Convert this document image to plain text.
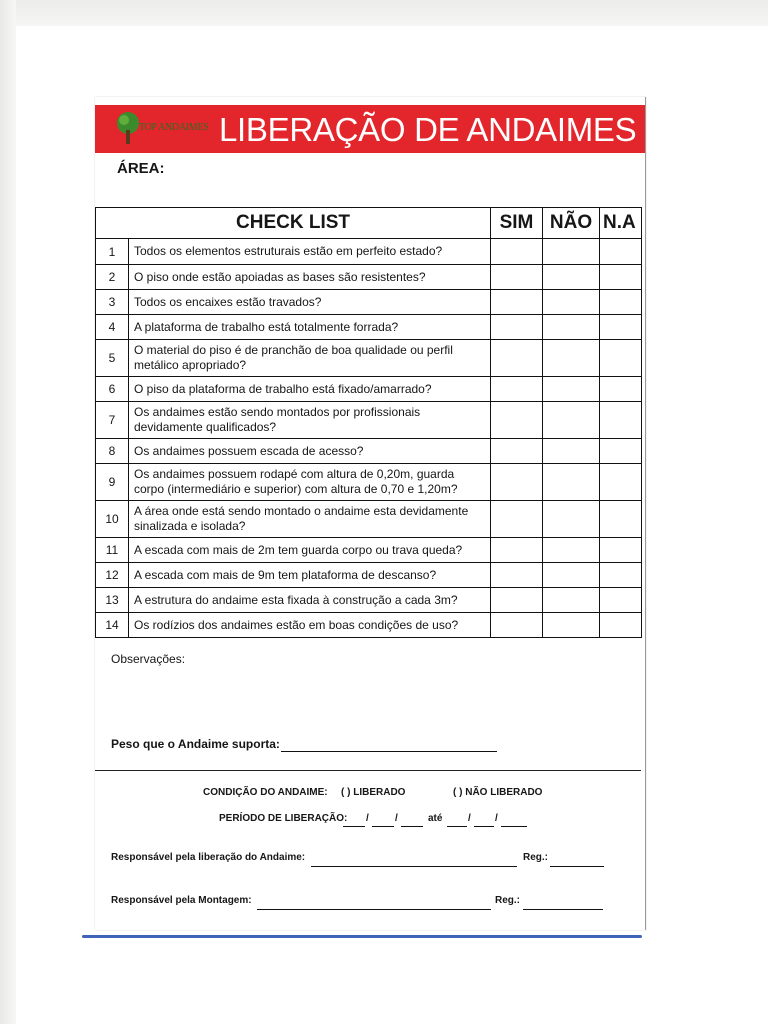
TOP ANDAIMES LIBERAÇÃO DE ANDAIMES
ÁREA:
CHECK LIST		SIM	NÃO	N.A
1	Todos os elementos estruturais estão em perfeito estado?			
2	O piso onde estão apoiadas as bases são resistentes?			
3	Todos os encaixes estão travados?			
4	A plataforma de trabalho está totalmente forrada?			
5	O material do piso é de pranchão de boa qualidade ou perfil metálico apropriado?			
6	O piso da plataforma de trabalho está fixado/amarrado?			
7	Os andaimes estão sendo montados por profissionais devidamente qualificados?			
8	Os andaimes possuem escada de acesso?			
9	Os andaimes possuem rodapé com altura de 0,20m, guarda corpo (intermediário e superior) com altura de 0,70 e 1,20m?			
10	A área onde está sendo montado o andaime esta devidamente sinalizada e isolada?			
11	A escada com mais de 2m tem guarda corpo ou trava queda?			
12	A escada com mais de 9m tem plataforma de descanso?			
13	A estrutura do andaime esta fixada à construção a cada 3m?			
14	Os rodízios dos andaimes estão em boas condições de uso?			
Observações:
Peso que o Andaime suporta:
CONDIÇÃO DO ANDAIME: ( ) LIBERADO	( ) NÃO LIBERADO
PERÍODO DE LIBERAÇÃO: /	/	até	/ /
Responsável pela liberação do Andaime:	Reg.:
Responsável pela Montagem:	Reg.:
